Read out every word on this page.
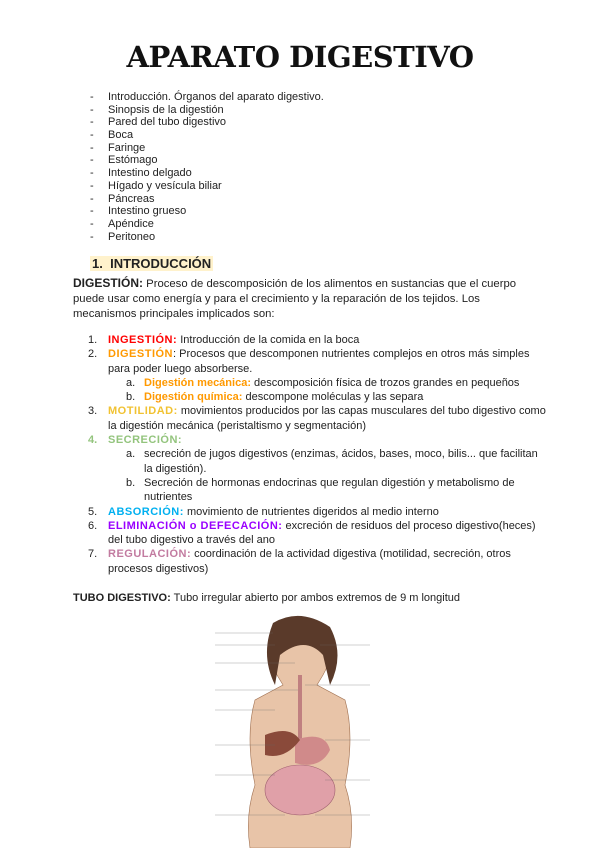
APARATO DIGESTIVO
- Introducción. Órganos del aparato digestivo.
- Sinopsis de la digestión
- Pared del tubo digestivo
- Boca
- Faringe
- Estómago
- Intestino delgado
- Hígado y vesícula biliar
- Páncreas
- Intestino grueso
- Apéndice
- Peritoneo
1. INTRODUCCIÓN
DIGESTIÓN: Proceso de descomposición de los alimentos en sustancias que el cuerpo puede usar como energía y para el crecimiento y la reparación de los tejidos. Los mecanismos principales implicados son:
1. INGESTIÓN: Introducción de la comida en la boca
2. DIGESTIÓN: Procesos que descomponen nutrientes complejos en otros más simples para poder luego absorberse.
a. Digestión mecánica: descomposición física de trozos grandes en pequeños
b. Digestión química: descompone moléculas y las separa
3. MOTILIDAD: movimientos producidos por las capas musculares del tubo digestivo como la digestión mecánica (peristaltismo y segmentación)
4. SECRECIÓN:
a. secreción de jugos digestivos (enzimas, ácidos, bases, moco, bilis... que facilitan la digestión).
b. Secreción de hormonas endocrinas que regulan digestión y metabolismo de nutrientes
5. ABSORCIÓN: movimiento de nutrientes digeridos al medio interno
6. ELIMINACIÓN o DEFECACIÓN: excreción de residuos del proceso digestivo(heces) del tubo digestivo a través del ano
7. REGULACIÓN: coordinación de la actividad digestiva (motilidad, secreción, otros procesos digestivos)
TUBO DIGESTIVO: Tubo irregular abierto por ambos extremos de 9 m longitud
